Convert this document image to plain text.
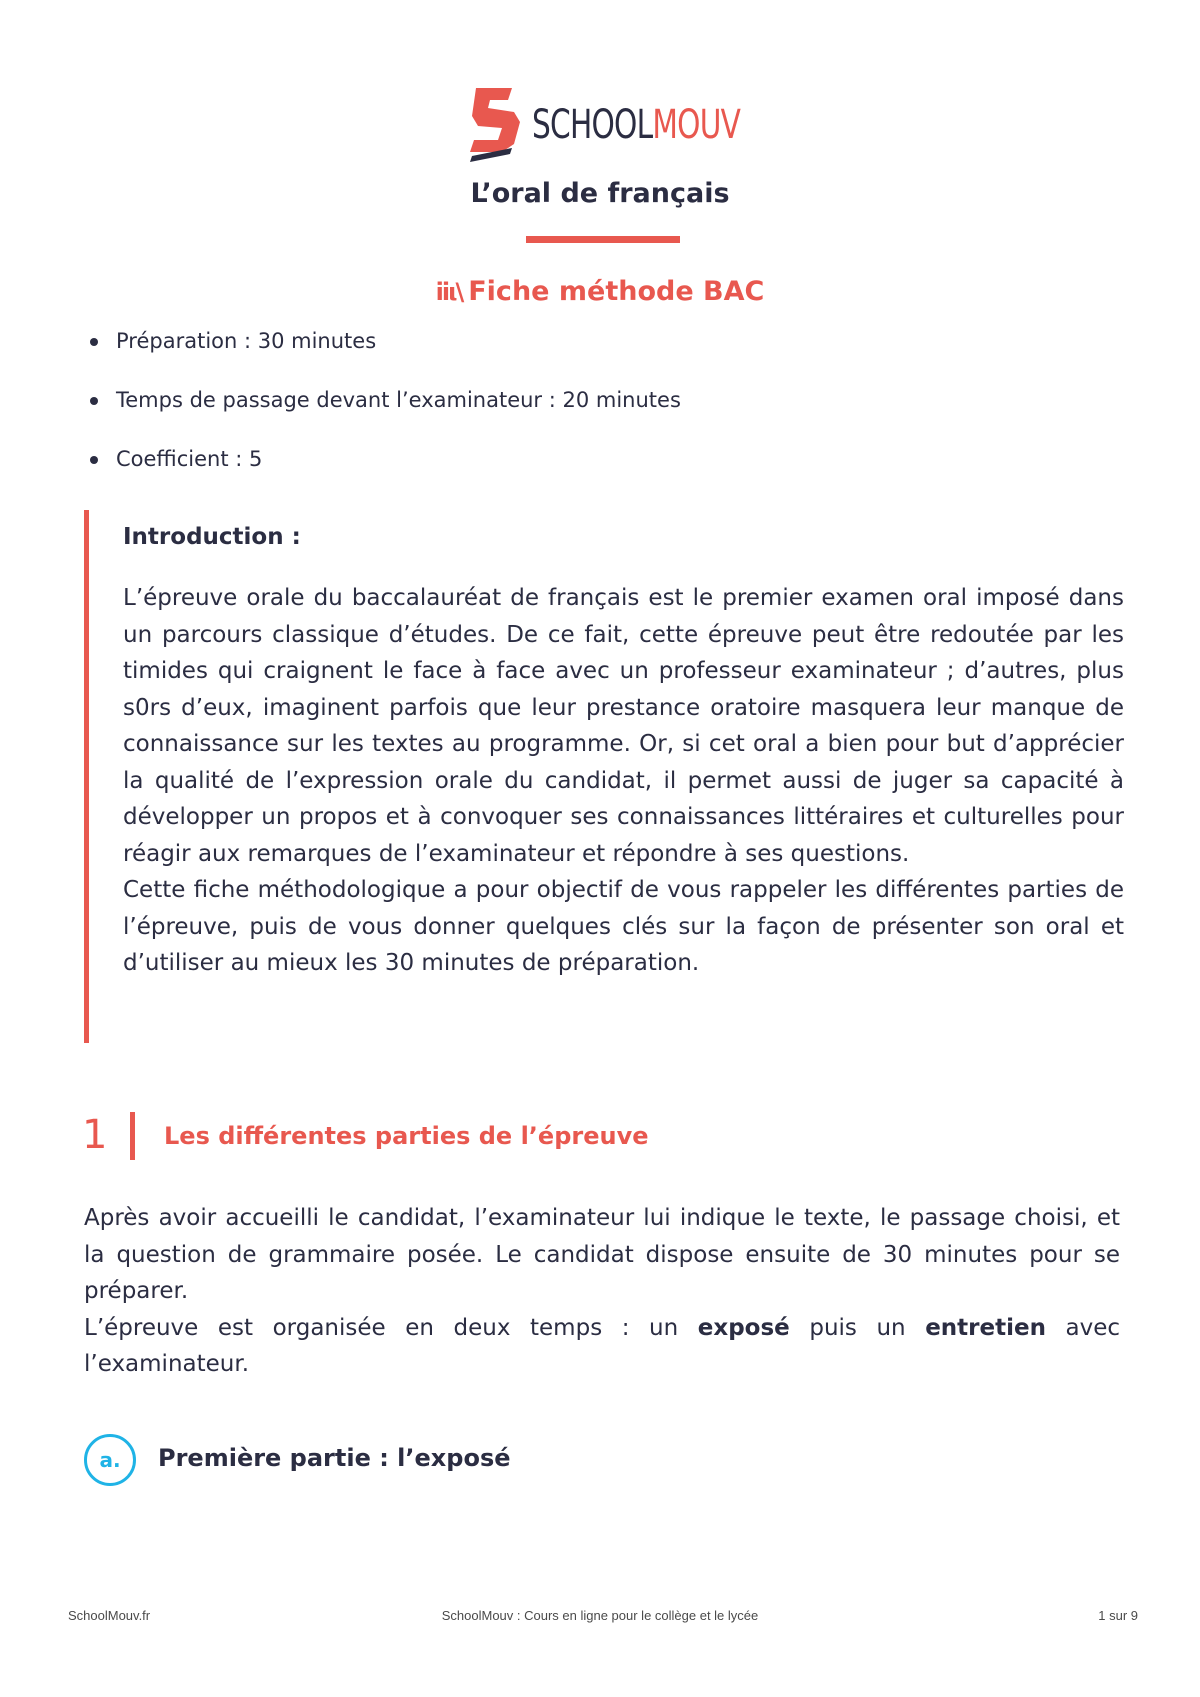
SCHOOLMOUV
L’oral de français
iiι\ Fiche méthode BAC
Préparation : 30 minutes
Temps de passage devant l’examinateur : 20 minutes
Coefficient : 5
Introduction :

L’épreuve orale du baccalauréat de français est le premier examen oral imposé dans un parcours classique d’études. De ce fait, cette épreuve peut être redoutée par les timides qui craignent le face à face avec un professeur examinateur ; d’autres, plus s0rs d’eux, imaginent parfois que leur prestance oratoire masquera leur manque de connaissance sur les textes au programme. Or, si cet oral a bien pour but d’apprécier la qualité de l’expression orale du candidat, il permet aussi de juger sa capacité à développer un propos et à convoquer ses connaissances littéraires et culturelles pour réagir aux remarques de l’examinateur et répondre à ses questions.

Cette fiche méthodologique a pour objectif de vous rappeler les différentes parties de l’épreuve, puis de vous donner quelques clés sur la façon de présenter son oral et d’utiliser au mieux les 30 minutes de préparation.

1 Les différentes parties de l’épreuve

Après avoir accueilli le candidat, l’examinateur lui indique le texte, le passage choisi, et la question de grammaire posée. Le candidat dispose ensuite de 30 minutes pour se préparer.

L’épreuve est organisée en deux temps : un exposé puis un entretien avec l’examinateur.

a.	Première partie : l’exposé
SchoolMouv.fr	SchoolMouv : Cours en ligne pour le collège et le lycée	1 sur 9
